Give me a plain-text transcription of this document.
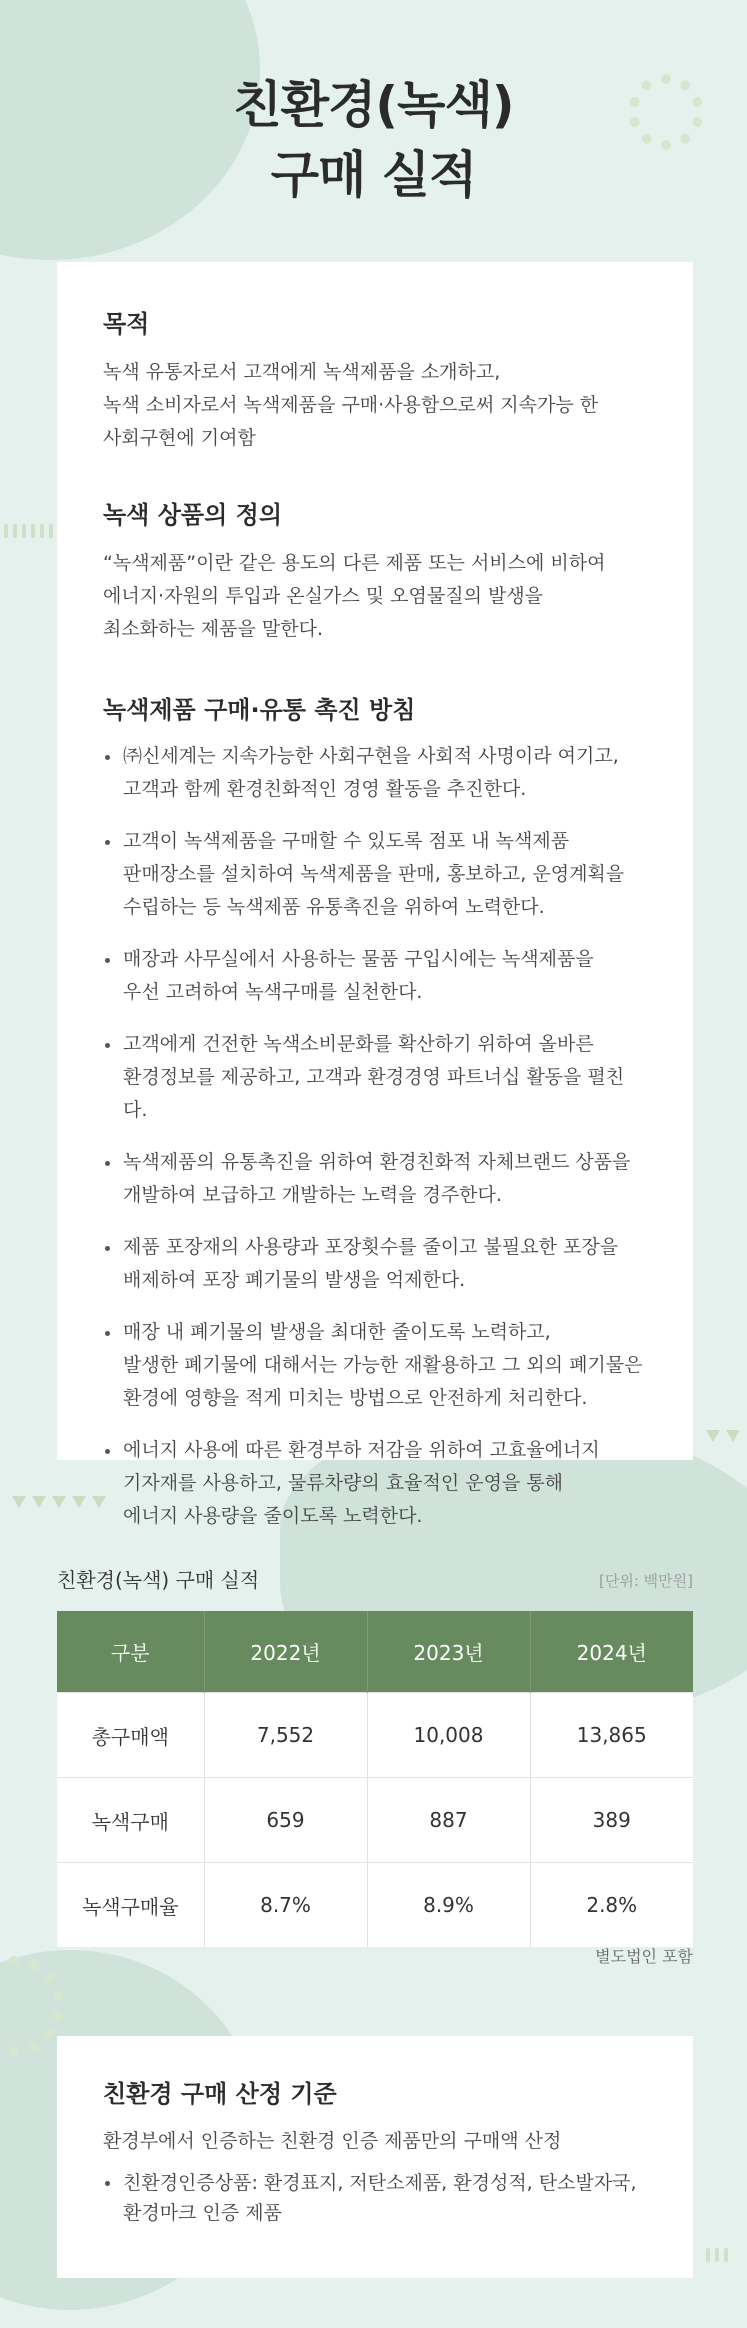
친환경(녹색)
구매 실적
목적
녹색 유통자로서 고객에게 녹색제품을 소개하고,
녹색 소비자로서 녹색제품을 구매·사용함으로써 지속가능 한
사회구현에 기여함
녹색 상품의 정의
“녹색제품”이란 같은 용도의 다른 제품 또는 서비스에 비하여
에너지·자원의 투입과 온실가스 및 오염물질의 발생을
최소화하는 제품을 말한다.
녹색제품 구매·유통 촉진 방침
㈜신세계는 지속가능한 사회구현을 사회적 사명이라 여기고,
고객과 함께 환경친화적인 경영 활동을 추진한다.
고객이 녹색제품을 구매할 수 있도록 점포 내 녹색제품
판매장소를 설치하여 녹색제품을 판매, 홍보하고, 운영계획을
수립하는 등 녹색제품 유통촉진을 위하여 노력한다.
매장과 사무실에서 사용하는 물품 구입시에는 녹색제품을
우선 고려하여 녹색구매를 실천한다.
고객에게 건전한 녹색소비문화를 확산하기 위하여 올바른
환경정보를 제공하고, 고객과 환경경영 파트너십 활동을 펼친다.
녹색제품의 유통촉진을 위하여 환경친화적 자체브랜드 상품을
개발하여 보급하고 개발하는 노력을 경주한다.
제품 포장재의 사용량과 포장횟수를 줄이고 불필요한 포장을
배제하여 포장 폐기물의 발생을 억제한다.
매장 내 폐기물의 발생을 최대한 줄이도록 노력하고,
발생한 폐기물에 대해서는 가능한 재활용하고 그 외의 폐기물은
환경에 영향을 적게 미치는 방법으로 안전하게 처리한다.
에너지 사용에 따른 환경부하 저감을 위하여 고효율에너지
기자재를 사용하고, 물류차량의 효율적인 운영을 통해
에너지 사용량을 줄이도록 노력한다.
친환경(녹색) 구매 실적	[단위: 백만원]
구분	2022년	2023년	2024년
총구매액	7,552	10,008	13,865
녹색구매	659	887	389
녹색구매율	8.7%	8.9%	2.8%
별도법인 포함
친환경 구매 산정 기준
환경부에서 인증하는 친환경 인증 제품만의 구매액 산정
친환경인증상품: 환경표지, 저탄소제품, 환경성적, 탄소발자국,
환경마크 인증 제품
